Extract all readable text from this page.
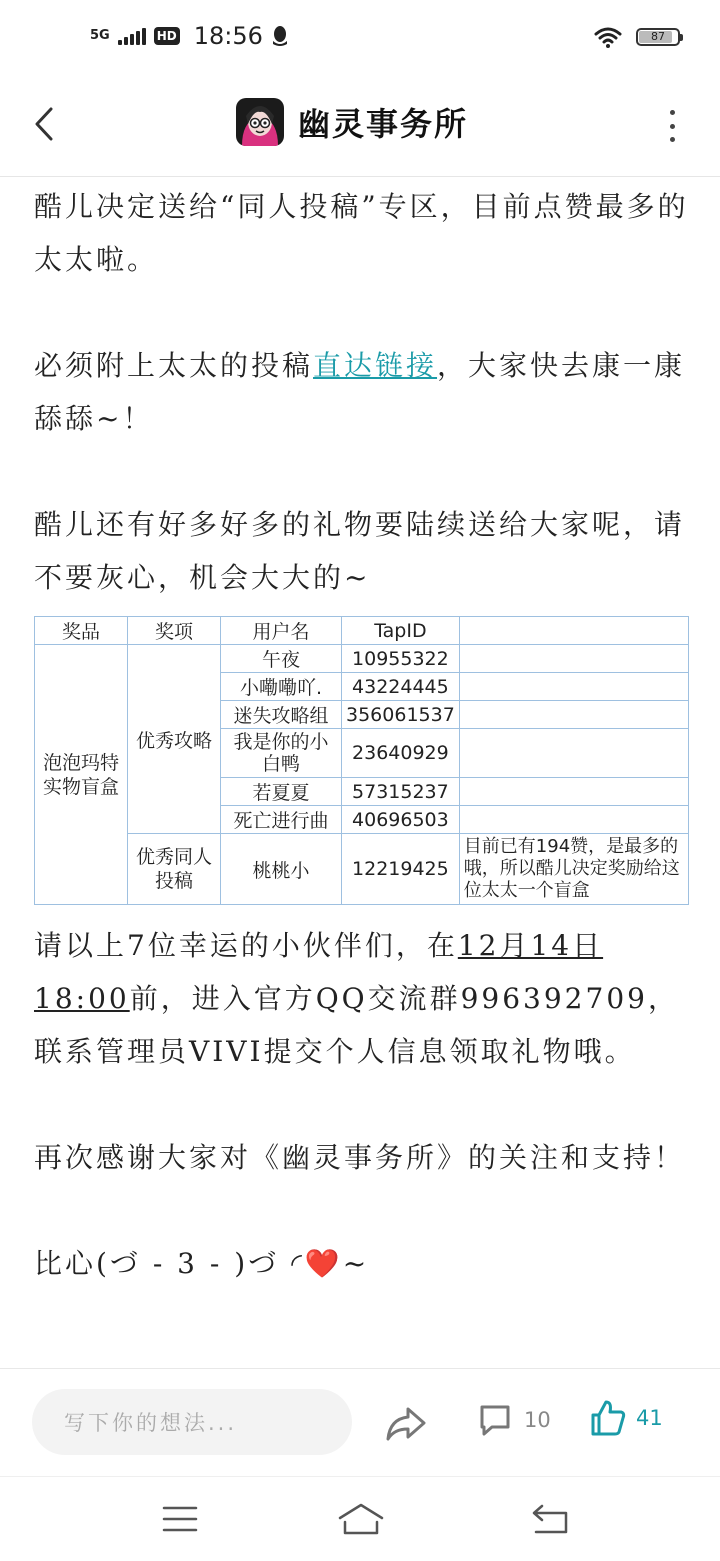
5G	HD 18:56	87
幽灵事务所

酷儿决定送给“同人投稿”专区，目前点赞最多的太太啦。

必须附上太太的投稿直达链接，大家快去康一康舔舔~！

酷儿还有好多好多的礼物要陆续送给大家呢，请不要灰心，机会大大的~

奖品	奖项	用户名	TapID	
泡泡玛特实物盲盒	优秀攻略	午夜	10955322	
		小嘞嘞吖.	43224445	
		迷失攻略组	356061537	
		我是你的小白鸭	23640929	
		若夏夏	57315237	
		死亡进行曲	40696503	
	优秀同人投稿	桃桃小	12219425	目前已有194赞，是最多的哦，所以酷儿决定奖励给这位太太一个盲盒

请以上7位幸运的小伙伴们，在12月14日18:00前，进入官方QQ交流群996392709，联系管理员VIVI提交个人信息领取礼物哦。

再次感谢大家对《幽灵事务所》的关注和支持！

比心(づ - 3 - )づ ◜❤️~

写下你的想法...	10	41
